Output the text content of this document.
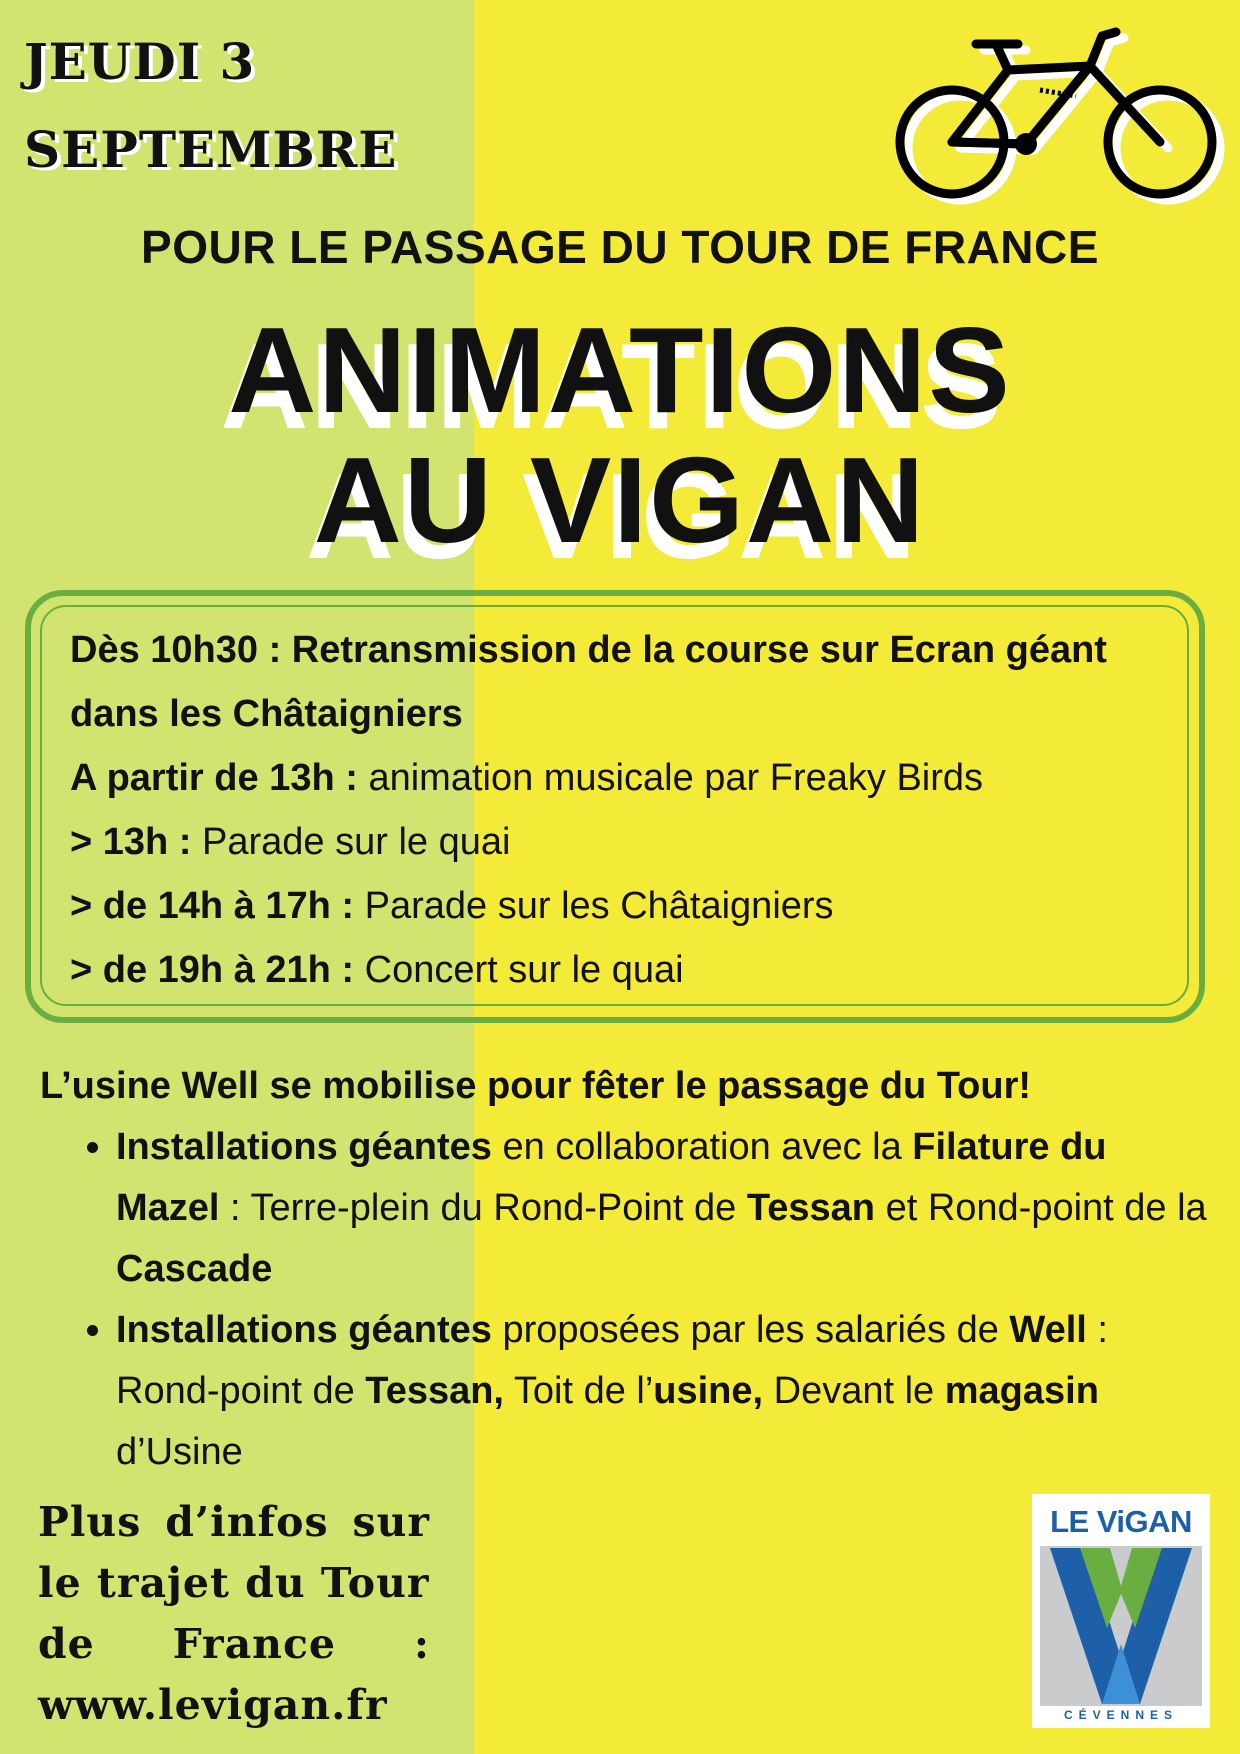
JEUDI 3
SEPTEMBRE
POUR LE PASSAGE DU TOUR DE FRANCE
ANIMATIONS
AU VIGAN
Dès 10h30 : Retransmission de la course sur Ecran géant
dans les Châtaigniers
A partir de 13h : animation musicale par Freaky Birds
> 13h : Parade sur le quai
> de 14h à 17h : Parade sur les Châtaigniers
> de 19h à 21h : Concert sur le quai
L’usine Well se mobilise pour fêter le passage du Tour!
• Installations géantes en collaboration avec la Filature du Mazel : Terre-plein du Rond-Point de Tessan et Rond-point de la Cascade
• Installations géantes proposées par les salariés de Well : Rond-point de Tessan, Toit de l’usine, Devant le magasin d’Usine
Plus d’infos sur
le trajet du Tour
de France :
www.levigan.fr
LE ViGAN
CÉVENNES
